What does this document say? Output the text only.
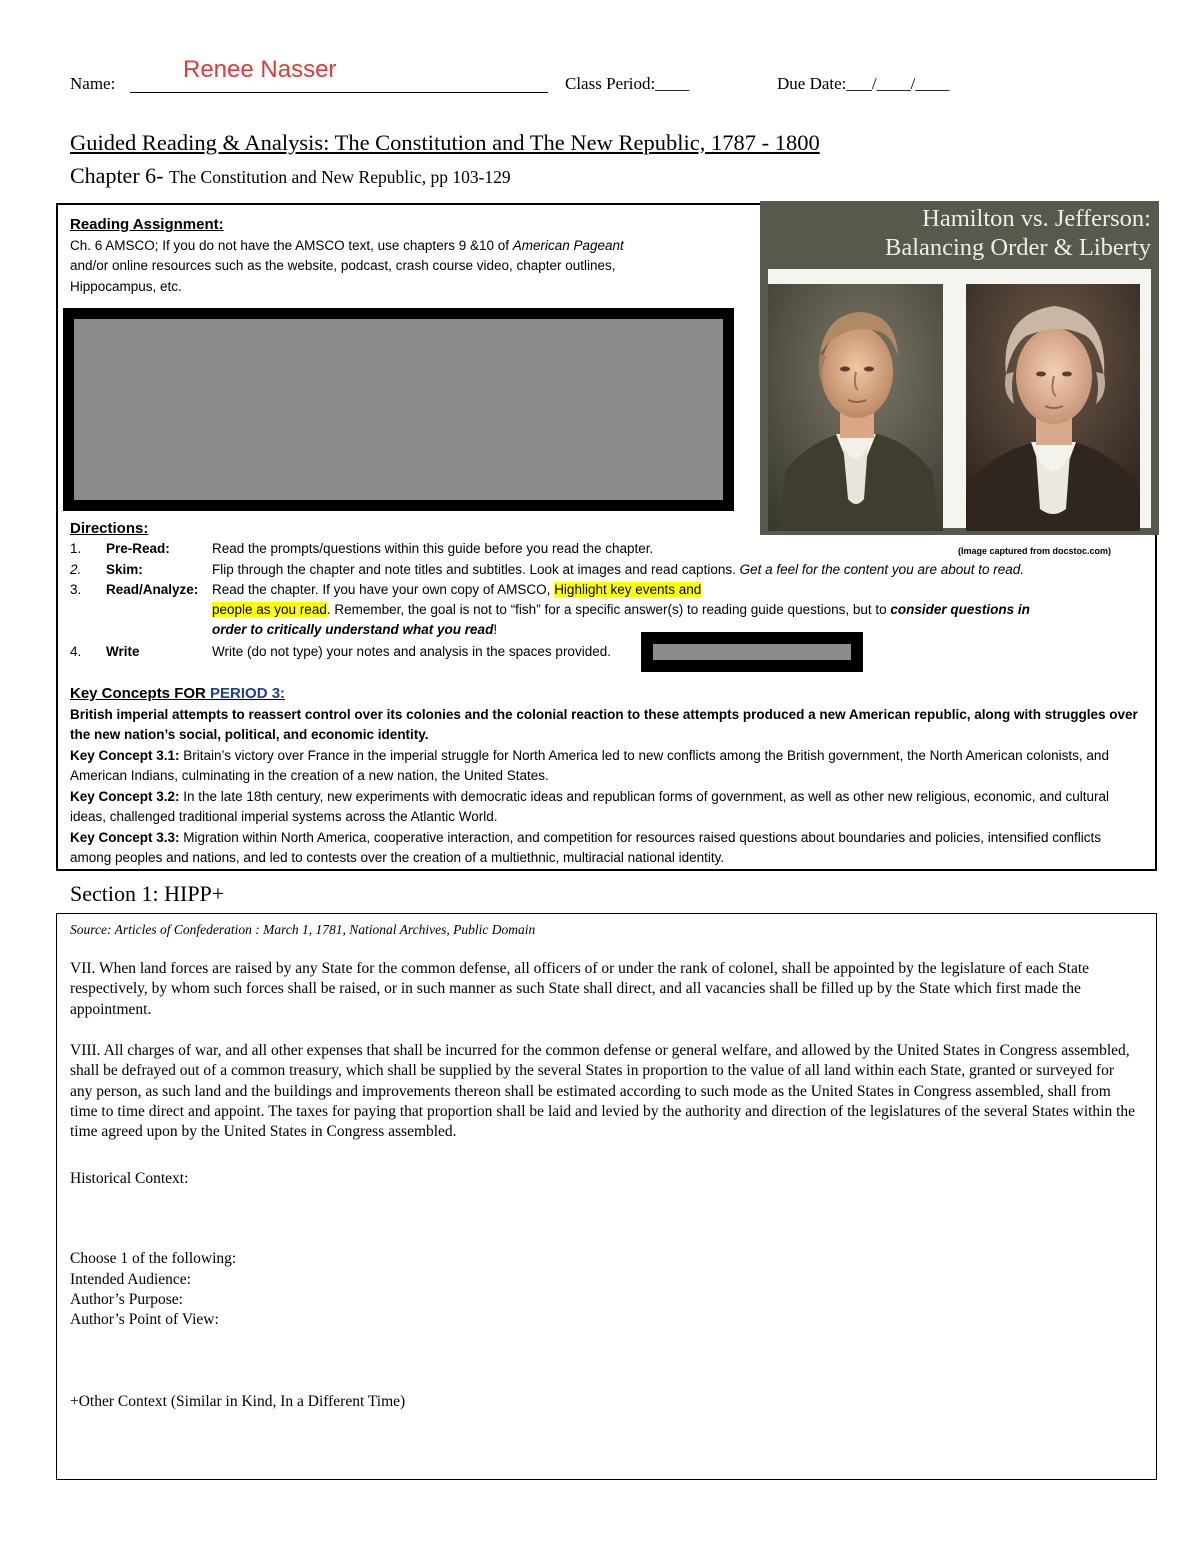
Name:
Renee Nasser
Class Period:____	Due Date:___/____/____
Guided Reading & Analysis: The Constitution and The New Republic, 1787 - 1800
Chapter 6- The Constitution and New Republic, pp 103-129
Reading Assignment:
Ch. 6 AMSCO; If you do not have the AMSCO text, use chapters 9 &10 of American Pageant
and/or online resources such as the website, podcast, crash course video, chapter outlines,
Hippocampus, etc.
Hamilton vs. Jefferson:
Balancing Order & Liberty
(Image captured from docstoc.com)
Directions:
1. Pre-Read:	Read the prompts/questions within this guide before you read the chapter.
2. Skim:	Flip through the chapter and note titles and subtitles. Look at images and read captions. Get a feel for the content you are about to read.
3. Read/Analyze: Read the chapter. If you have your own copy of AMSCO, Highlight key events and
people as you read. Remember, the goal is not to “fish” for a specific answer(s) to reading guide questions, but to consider questions in
order to critically understand what you read!
4. Write	Write (do not type) your notes and analysis in the spaces provided.
Key Concepts FOR PERIOD 3:
British imperial attempts to reassert control over its colonies and the colonial reaction to these attempts produced a new American republic, along with struggles over the new nation’s social, political, and economic identity.
Key Concept 3.1: Britain’s victory over France in the imperial struggle for North America led to new conflicts among the British government, the North American colonists, and American Indians, culminating in the creation of a new nation, the United States.
Key Concept 3.2: In the late 18th century, new experiments with democratic ideas and republican forms of government, as well as other new religious, economic, and cultural ideas, challenged traditional imperial systems across the Atlantic World.
Key Concept 3.3: Migration within North America, cooperative interaction, and competition for resources raised questions about boundaries and policies, intensified conflicts among peoples and nations, and led to contests over the creation of a multiethnic, multiracial national identity.
Section 1: HIPP+
Source: Articles of Confederation : March 1, 1781, National Archives, Public Domain
VII. When land forces are raised by any State for the common defense, all officers of or under the rank of colonel, shall be appointed by the legislature of each State respectively, by whom such forces shall be raised, or in such manner as such State shall direct, and all vacancies shall be filled up by the State which first made the appointment.
VIII. All charges of war, and all other expenses that shall be incurred for the common defense or general welfare, and allowed by the United States in Congress assembled, shall be defrayed out of a common treasury, which shall be supplied by the several States in proportion to the value of all land within each State, granted or surveyed for any person, as such land and the buildings and improvements thereon shall be estimated according to such mode as the United States in Congress assembled, shall from time to time direct and appoint. The taxes for paying that proportion shall be laid and levied by the authority and direction of the legislatures of the several States within the time agreed upon by the United States in Congress assembled.
Historical Context:
Choose 1 of the following:
Intended Audience:
Author’s Purpose:
Author’s Point of View:
+Other Context (Similar in Kind, In a Different Time)
